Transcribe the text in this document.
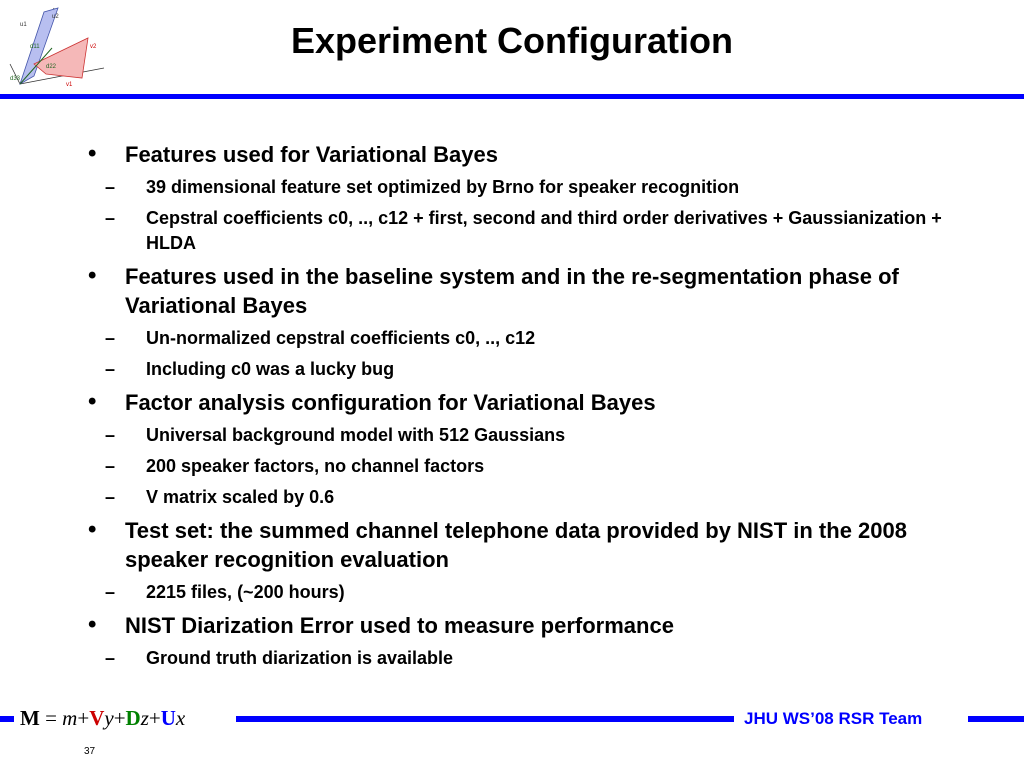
u2
u1
v2
v1
d11
d22
d33
Experiment Configuration
• Features used for Variational Bayes
– 39 dimensional feature set optimized by Brno for speaker recognition
– Cepstral coefficients c0, .., c12 + first, second and third order derivatives + Gaussianization + HLDA
• Features used in the baseline system and in the re-segmentation phase of Variational Bayes
– Un-normalized cepstral coefficients c0, .., c12
– Including c0 was a lucky bug
• Factor analysis configuration for Variational Bayes
– Universal background model with 512 Gaussians
– 200 speaker factors, no channel factors
– V matrix scaled by 0.6
• Test set: the summed channel telephone data provided by NIST in the 2008 speaker recognition evaluation
– 2215 files, (~200 hours)
• NIST Diarization Error used to measure performance
– Ground truth diarization is available
M = m+Vy+Dz+Ux	JHU WS’08 RSR Team
37
